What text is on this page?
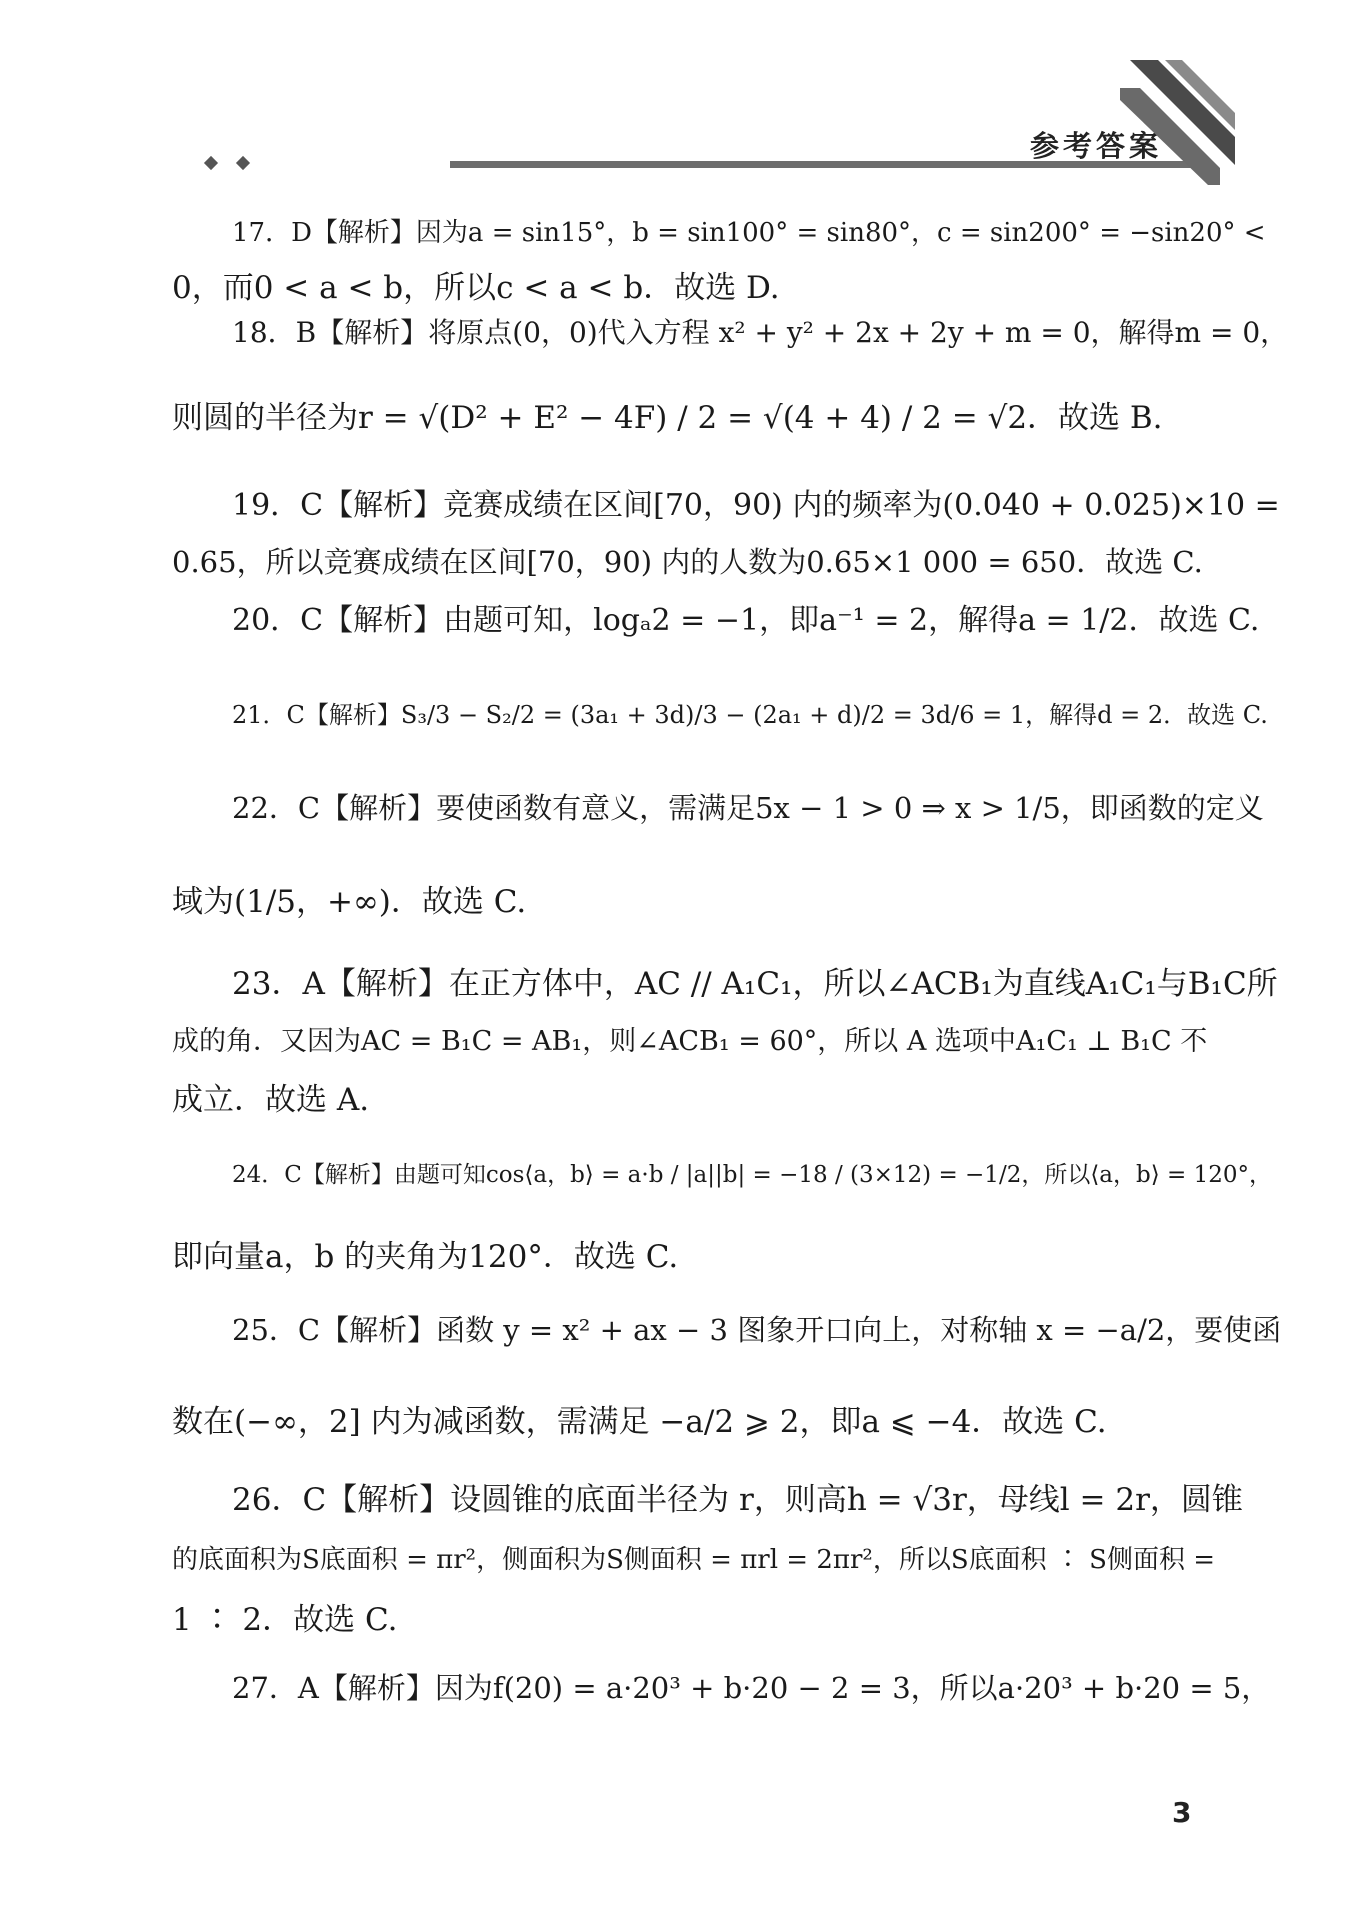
参考答案
17．D【解析】因为a = sin15°，b = sin100° = sin80°，c = sin200° = −sin20° <
0，而0 < a < b，所以c < a < b．故选 D.
18．B【解析】将原点(0，0)代入方程 x² + y² + 2x + 2y + m = 0，解得m = 0，
则圆的半径为r = √(D² + E² − 4F) / 2 = √(4 + 4) / 2 = √2．故选 B.
19．C【解析】竞赛成绩在区间[70，90) 内的频率为(0.040 + 0.025)×10 =
0.65，所以竞赛成绩在区间[70，90) 内的人数为0.65×1 000 = 650．故选 C.
20．C【解析】由题可知，logₐ2 = −1，即a⁻¹ = 2，解得a = 1/2．故选 C.
21．C【解析】S₃/3 − S₂/2 = (3a₁ + 3d)/3 − (2a₁ + d)/2 = 3d/6 = 1，解得d = 2．故选 C.
22．C【解析】要使函数有意义，需满足5x − 1 > 0 ⇒ x > 1/5，即函数的定义
域为(1/5，+∞)．故选 C.
23．A【解析】在正方体中，AC // A₁C₁，所以∠ACB₁为直线A₁C₁与B₁C所
成的角．又因为AC = B₁C = AB₁，则∠ACB₁ = 60°，所以 A 选项中A₁C₁ ⊥ B₁C 不
成立．故选 A.
24．C【解析】由题可知cos⟨a，b⟩ = a·b / |a||b| = −18 / (3×12) = −1/2，所以⟨a，b⟩ = 120°，
即向量a，b 的夹角为120°．故选 C.
25．C【解析】函数 y = x² + ax − 3 图象开口向上，对称轴 x = −a/2，要使函
数在(−∞，2] 内为减函数，需满足 −a/2 ⩾ 2，即a ⩽ −4．故选 C.
26．C【解析】设圆锥的底面半径为 r，则高h = √3r，母线l = 2r，圆锥
的底面积为S底面积 = πr²，侧面积为S侧面积 = πrl = 2πr²，所以S底面积 ∶ S侧面积 =
1 ∶ 2．故选 C.
27．A【解析】因为f(20) = a·20³ + b·20 − 2 = 3，所以a·20³ + b·20 = 5，
3
